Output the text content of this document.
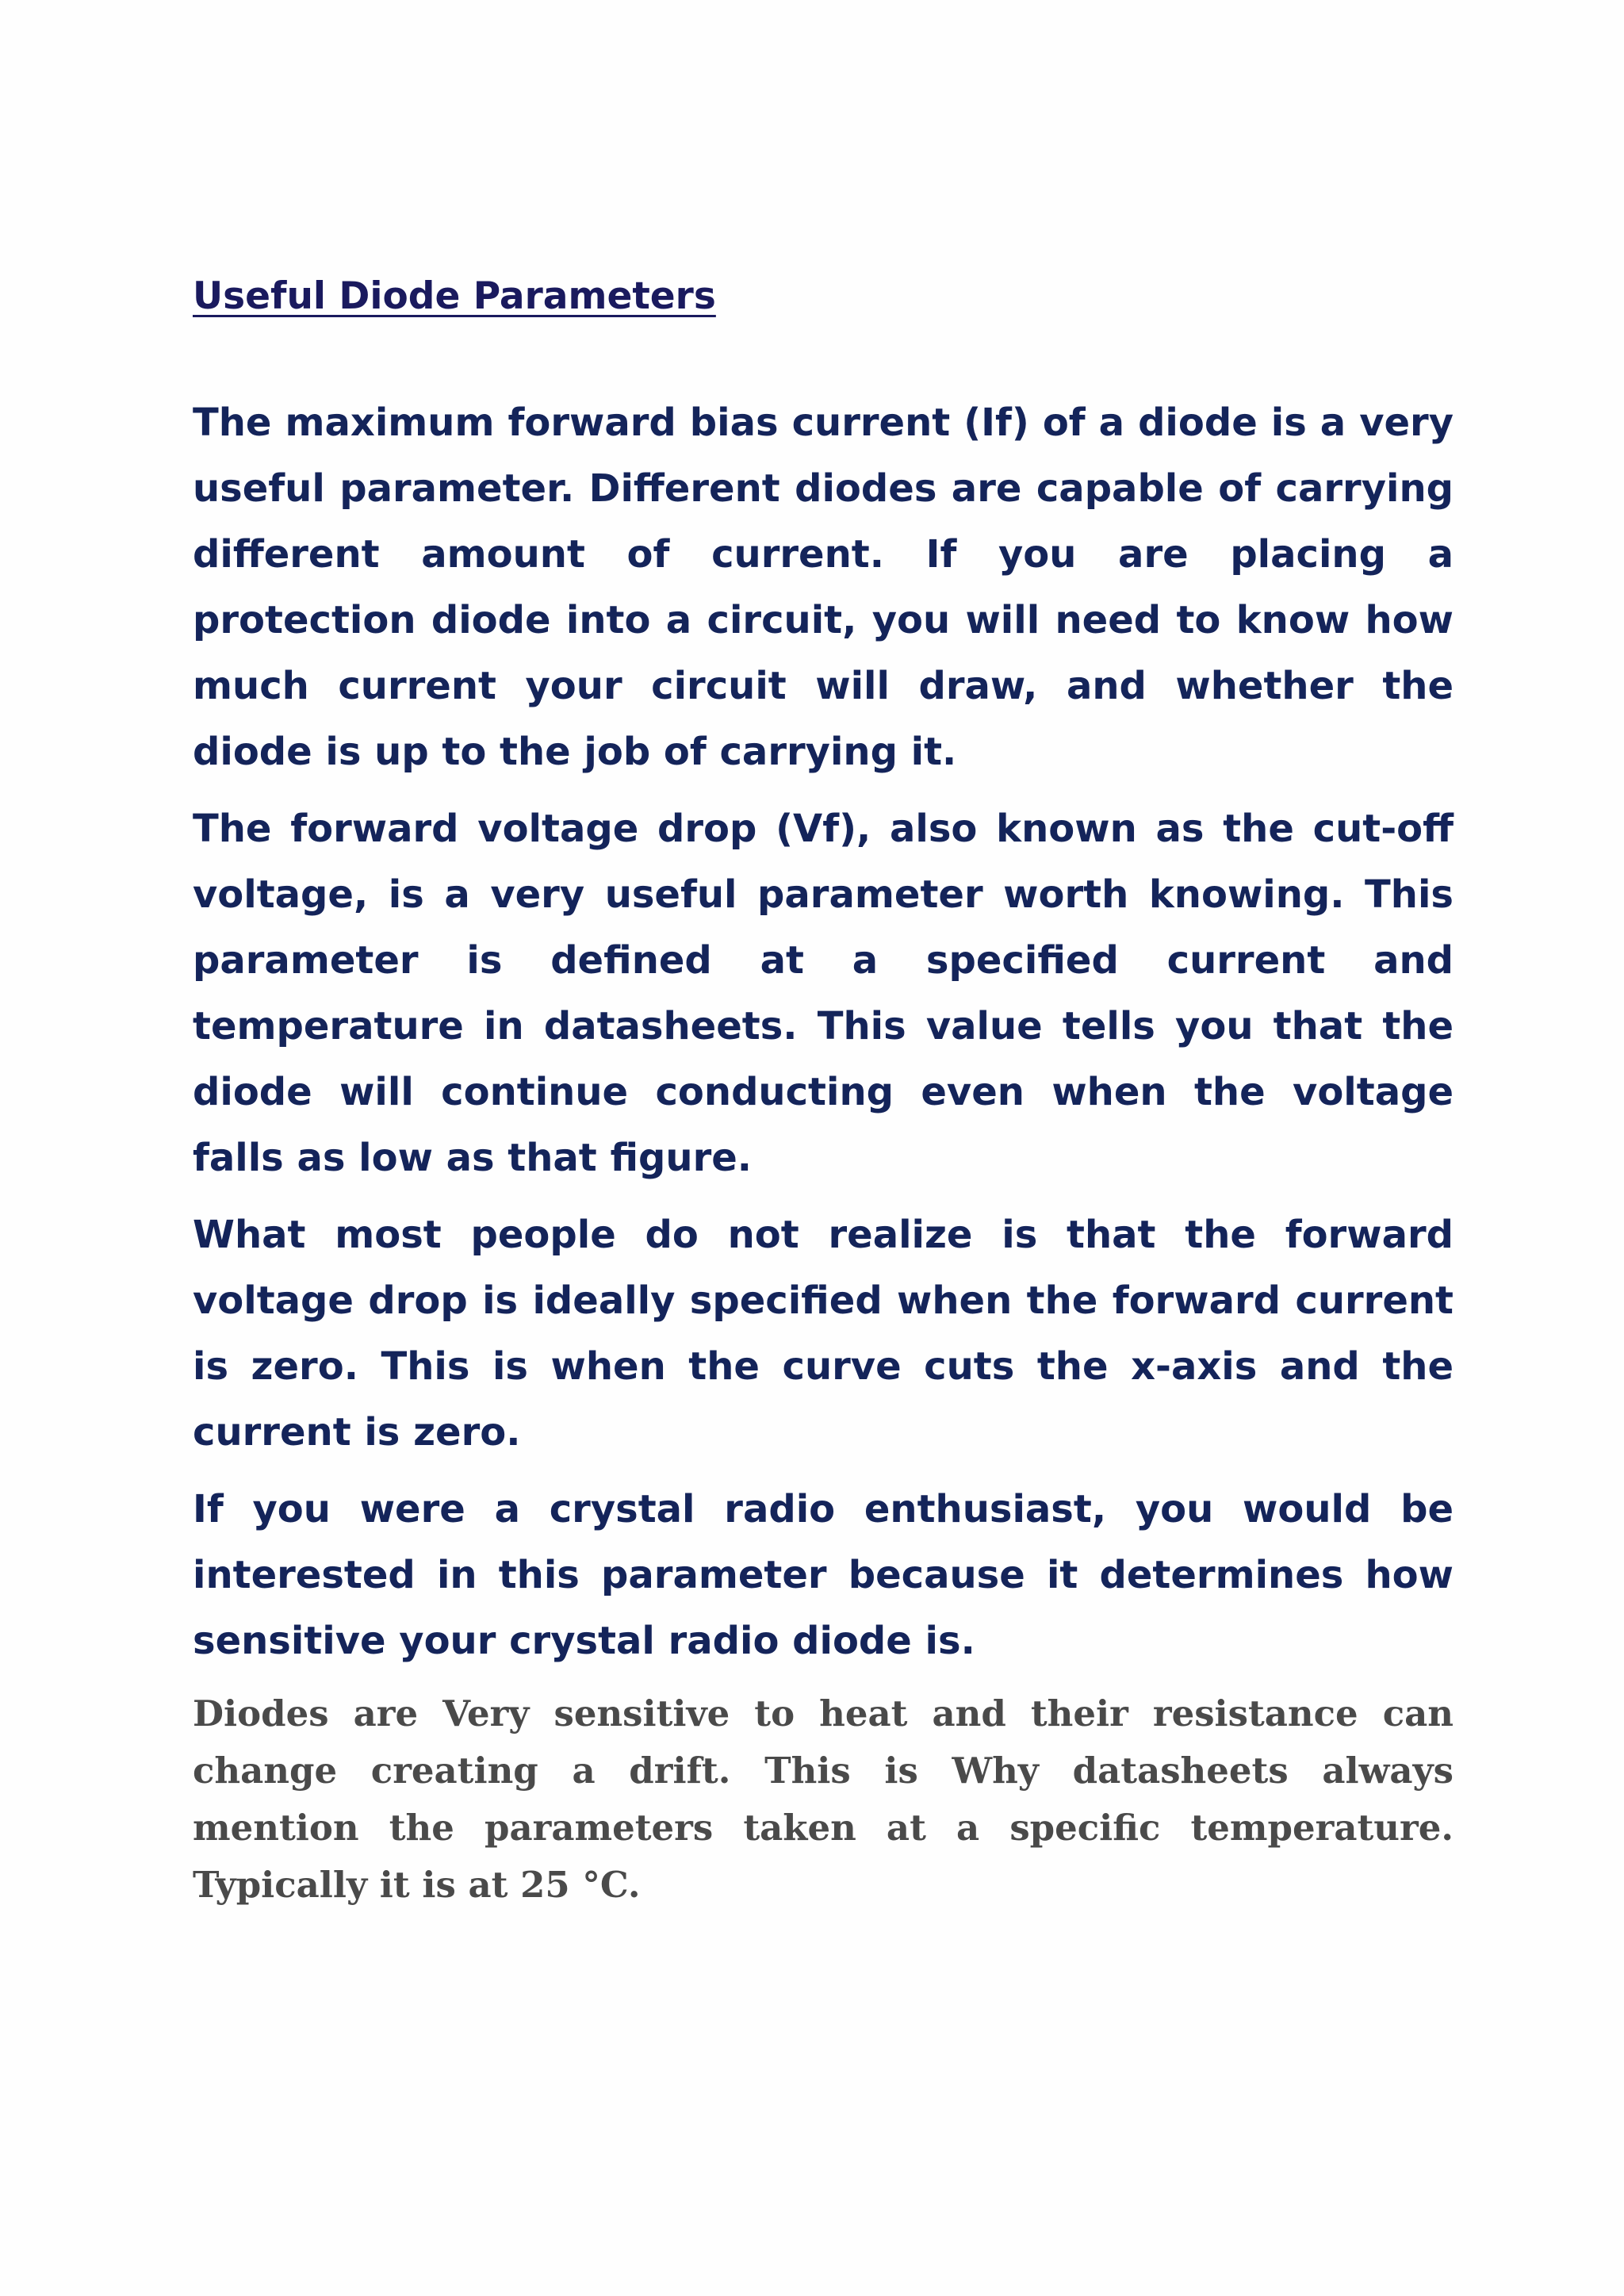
Useful Diode Parameters

The maximum forward bias current (If) of a diode is a very useful parameter. Different diodes are capable of carrying different amount of current. If you are placing a protection diode into a circuit, you will need to know how much current your circuit will draw, and whether the diode is up to the job of carrying it.

The forward voltage drop (Vf), also known as the cut-off voltage, is a very useful parameter worth knowing. This parameter is defined at a specified current and temperature in datasheets. This value tells you that the diode will continue conducting even when the voltage falls as low as that figure.

What most people do not realize is that the forward voltage drop is ideally specified when the forward current is zero. This is when the curve cuts the x-axis and the current is zero.

If you were a crystal radio enthusiast, you would be interested in this parameter because it determines how sensitive your crystal radio diode is.

Diodes are Very sensitive to heat and their resistance can change creating a drift. This is Why datasheets always mention the parameters taken at a specific temperature. Typically it is at 25 °C.
